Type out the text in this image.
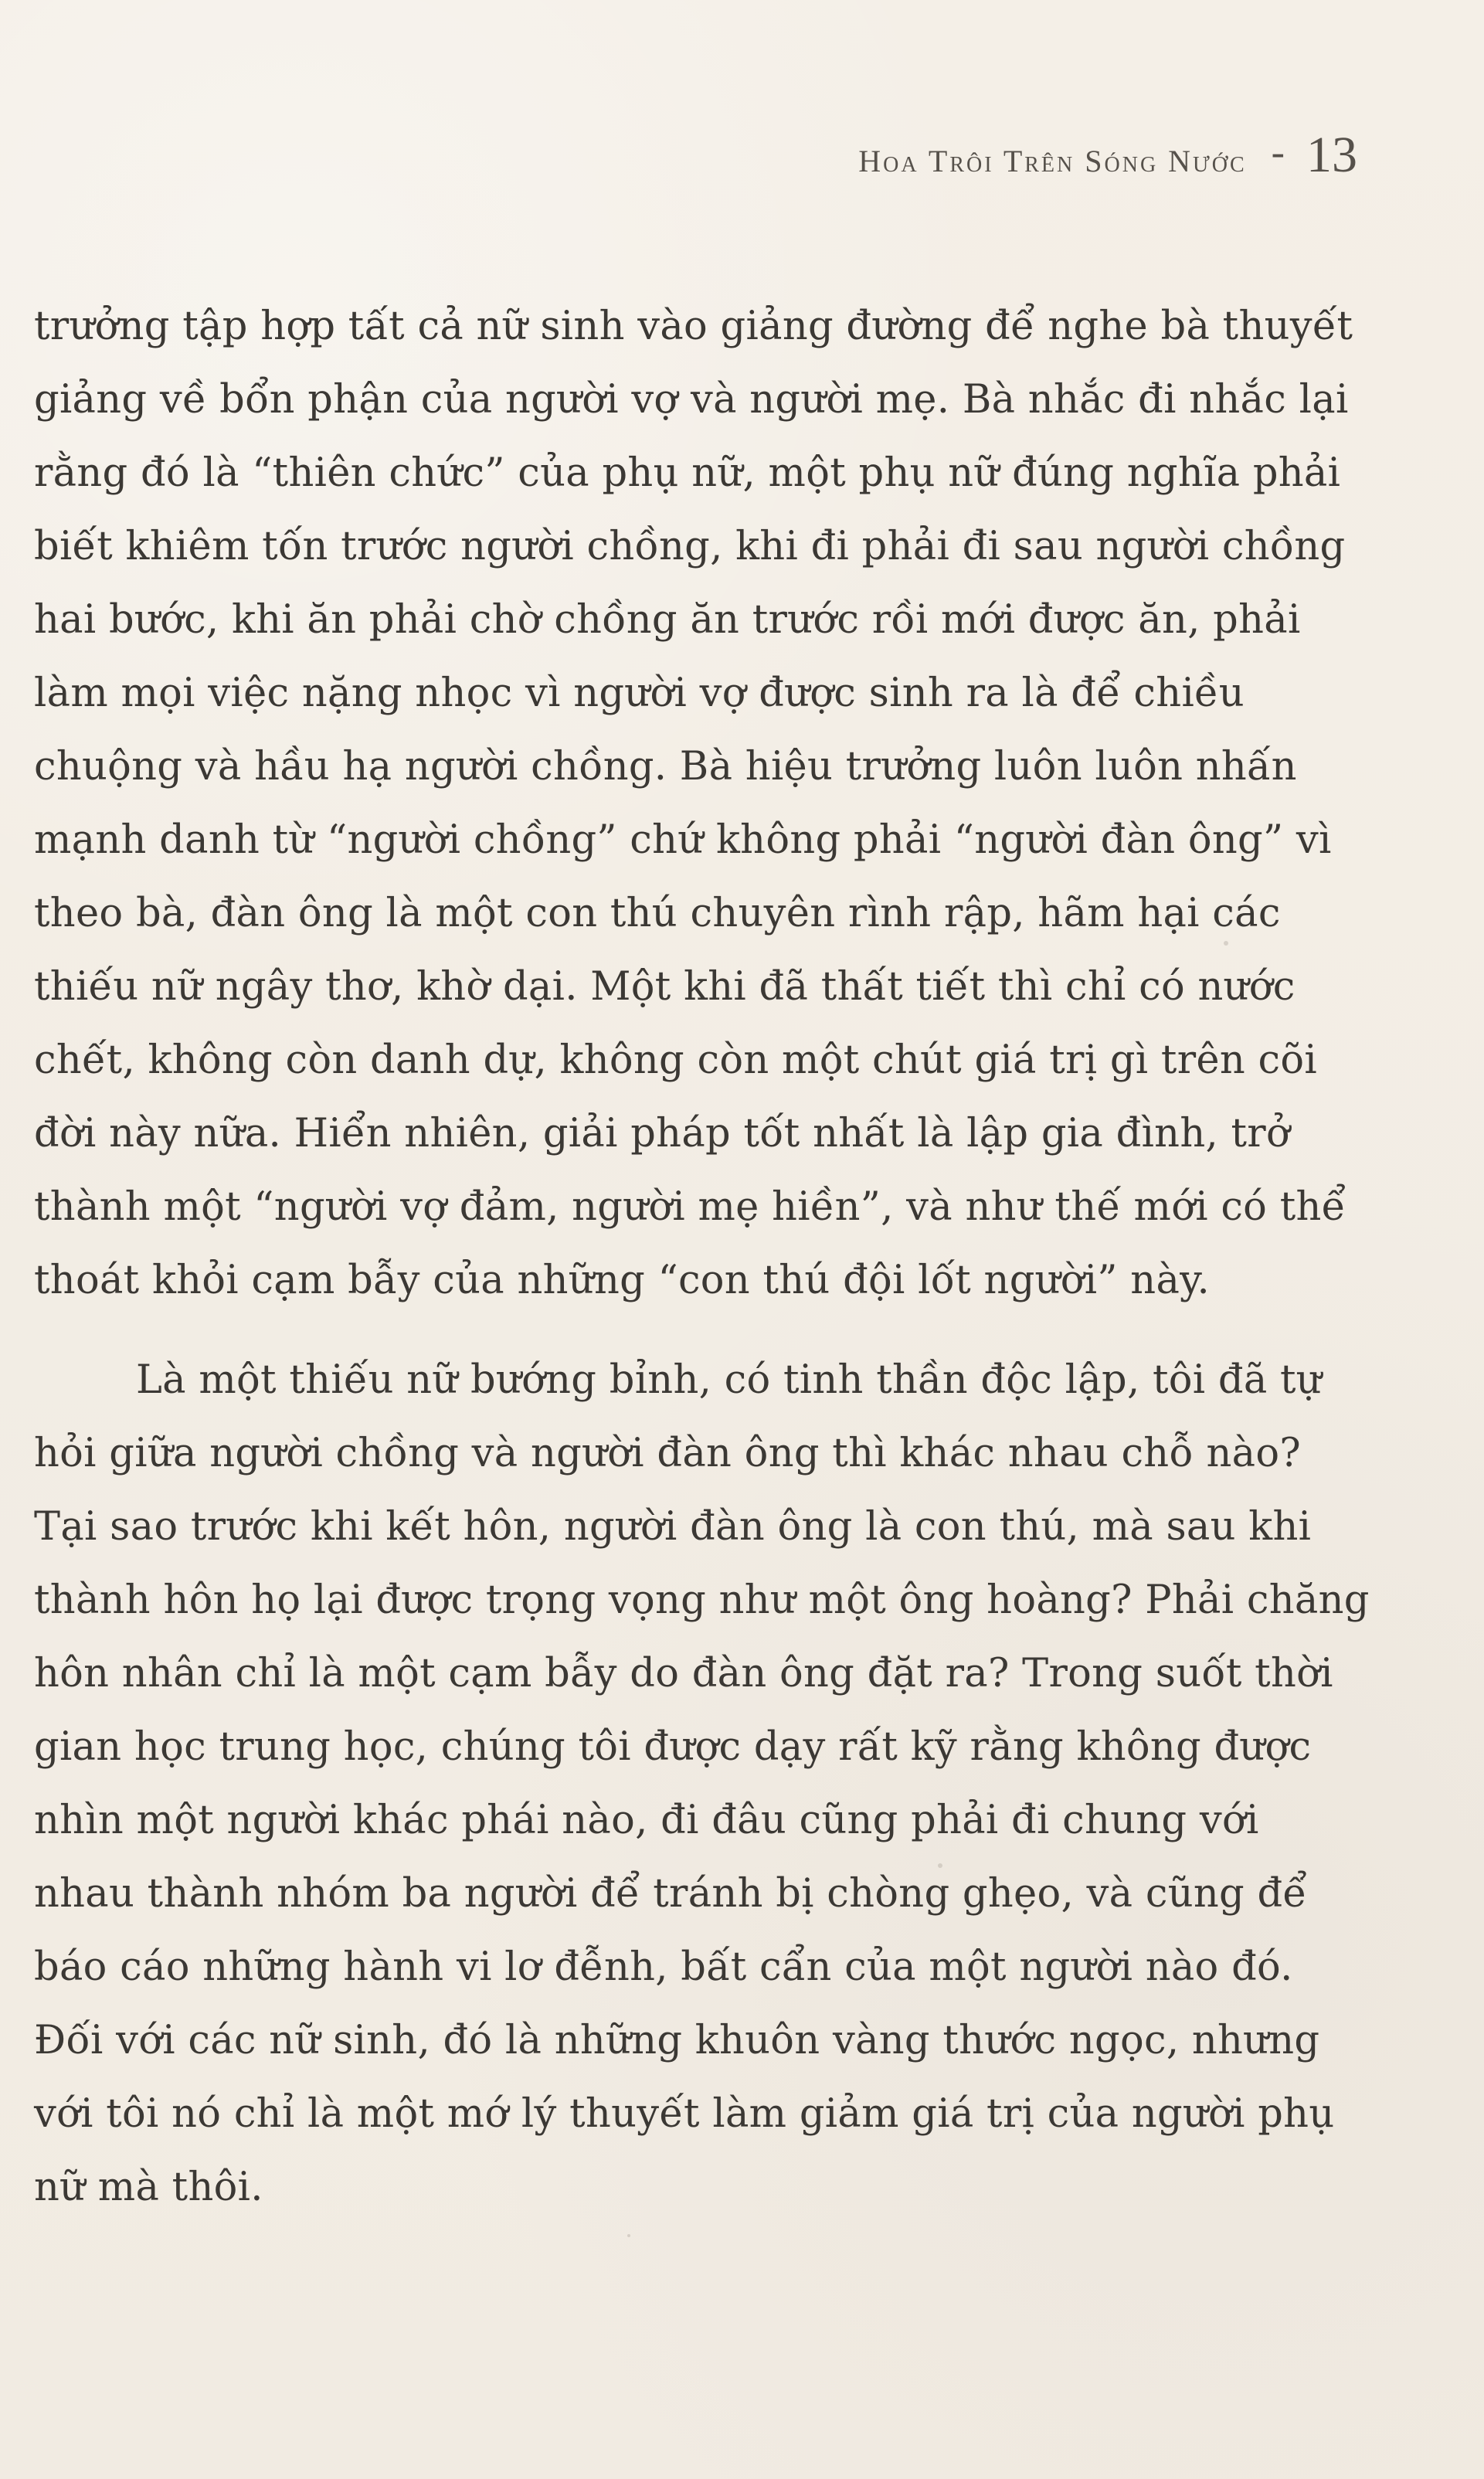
Hoa Trôi Trên Sóng Nước - 13

trưởng tập hợp tất cả nữ sinh vào giảng đường để nghe bà thuyết giảng về bổn phận của người vợ và người mẹ. Bà nhắc đi nhắc lại rằng đó là “thiên chức” của phụ nữ, một phụ nữ đúng nghĩa phải biết khiêm tốn trước người chồng, khi đi phải đi sau người chồng hai bước, khi ăn phải chờ chồng ăn trước rồi mới được ăn, phải làm mọi việc nặng nhọc vì người vợ được sinh ra là để chiều chuộng và hầu hạ người chồng. Bà hiệu trưởng luôn luôn nhấn mạnh danh từ “người chồng” chứ không phải “người đàn ông” vì theo bà, đàn ông là một con thú chuyên rình rập, hãm hại các thiếu nữ ngây thơ, khờ dại. Một khi đã thất tiết thì chỉ có nước chết, không còn danh dự, không còn một chút giá trị gì trên cõi đời này nữa. Hiển nhiên, giải pháp tốt nhất là lập gia đình, trở thành một “người vợ đảm, người mẹ hiền”, và như thế mới có thể thoát khỏi cạm bẫy của những “con thú đội lốt người” này.

Là một thiếu nữ bướng bỉnh, có tinh thần độc lập, tôi đã tự hỏi giữa người chồng và người đàn ông thì khác nhau chỗ nào? Tại sao trước khi kết hôn, người đàn ông là con thú, mà sau khi thành hôn họ lại được trọng vọng như một ông hoàng? Phải chăng hôn nhân chỉ là một cạm bẫy do đàn ông đặt ra? Trong suốt thời gian học trung học, chúng tôi được dạy rất kỹ rằng không được nhìn một người khác phái nào, đi đâu cũng phải đi chung với nhau thành nhóm ba người để tránh bị chòng ghẹo, và cũng để báo cáo những hành vi lơ đễnh, bất cẩn của một người nào đó. Đối với các nữ sinh, đó là những khuôn vàng thước ngọc, nhưng với tôi nó chỉ là một mớ lý thuyết làm giảm giá trị của người phụ nữ mà thôi.
